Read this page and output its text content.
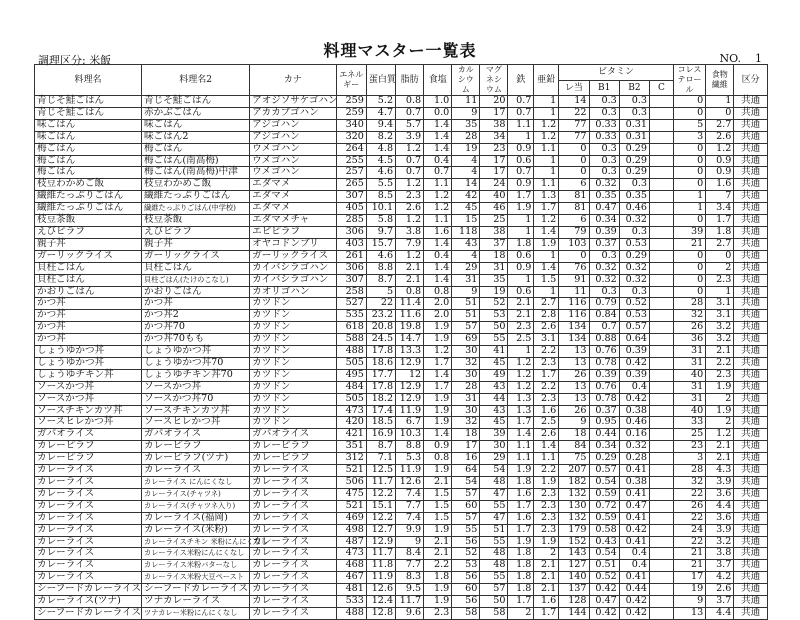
料理マスター一覧表
調理区分: 米飯	NO. 1
料理名	料理名2	カナ	エネルギー	蛋白質	脂肪	食塩	カルシウム	マグネシウム	鉄	亜鉛	ビタミン				コレステロール	食物繊維	区分
											レ当	B1	B2	C			
青じそ鮭ごはん	青じそ鮭ごはん	アオジソサケゴハン	259	5.2	0.8	1.0	11	20	0.7	1	14	0.3	0.3		0	1	共通
青じそ鮭ごはん	赤かぶごはん	アカカブゴハン	259	4.7	0.7	0.0	9	17	0.7	1	22	0.3	0.3		0	0	共通
味ごはん	味ごはん	アジゴハン	340	9.4	5.7	1.4	35	38	1.1	1.2	77	0.33	0.31		5	2.7	共通
味ごはん	味ごはん2	アジゴハン	320	8.2	3.9	1.4	28	34	1	1.2	77	0.33	0.31		3	2.6	共通
梅ごはん	梅ごはん	ウメゴハン	264	4.8	1.2	1.4	19	23	0.9	1.1	0	0.3	0.29		0	1.2	共通
梅ごはん	梅ごはん(南高梅)	ウメゴハン	255	4.5	0.7	0.4	4	17	0.6	1	0	0.3	0.29		0	0.9	共通
梅ごはん	梅ごはん(南高梅)中津	ウメゴハン	257	4.6	0.7	0.7	4	17	0.7	1	0	0.3	0.29		0	0.9	共通
枝豆わかめご飯	枝豆わかめご飯	エダマメ	265	5.5	1.2	1.1	14	24	0.9	1.1	6	0.32	0.3		0	1.6	共通
繊維たっぷりごはん	繊維たっぷりごはん	エダマメ	307	8.5	2.3	1.2	42	40	1.7	1.3	81	0.35	0.35		1	7	共通
繊維たっぷりごはん	繊維たっぷりごはん(中学校)	エダマメ	405	10.1	2.6	1.2	45	46	1.9	1.7	81	0.47	0.46		1	3.4	共通
枝豆茶飯	枝豆茶飯	エダマメチャ	285	5.8	1.2	1.1	15	25	1	1.2	6	0.34	0.32		0	1.7	共通
えびピラフ	えびピラフ	エビピラフ	306	9.7	3.8	1.6	118	38	1	1.4	79	0.39	0.3		39	1.8	共通
親子丼	親子丼	オヤコドンブリ	403	15.7	7.9	1.4	43	37	1.8	1.9	103	0.37	0.53		21	2.7	共通
ガーリックライス	ガーリックライス	ガーリックライス	261	4.6	1.2	0.4	4	18	0.6	1	0	0.3	0.29		0	0	共通
貝柱ごはん	貝柱ごはん	カイバシラゴハン	306	8.8	2.1	1.4	29	31	0.9	1.4	76	0.32	0.32		0	2	共通
貝柱ごはん	貝柱ごはん(たけのこなし)	カイバシラゴハン	307	8.7	2.1	1.4	31	35	1	1.5	91	0.32	0.32		0	2.3	共通
かおりごはん	かおりごはん	カオリゴハン	258	5	0.8	0.8	9	19	0.6	1	11	0.3	0.3		0	1	共通
かつ丼	かつ丼	カツドン	527	22	11.4	2.0	51	52	2.1	2.7	116	0.79	0.52		28	3.1	共通
かつ丼	かつ丼2	カツドン	535	23.2	11.6	2.0	51	53	2.1	2.8	116	0.84	0.53		32	3.1	共通
かつ丼	かつ丼70	カツドン	618	20.8	19.8	1.9	57	50	2.3	2.6	134	0.7	0.57		26	3.2	共通
かつ丼	かつ丼70もも	カツドン	588	24.5	14.7	1.9	69	55	2.5	3.1	134	0.88	0.64		36	3.2	共通
しょうゆかつ丼	しょうゆかつ丼	カツドン	488	17.8	13.3	1.2	30	41	1	2.2	13	0.76	0.39		31	2.1	共通
しょうゆかつ丼	しょうゆかつ丼70	カツドン	505	18.6	12.9	1.7	32	45	1.2	2.3	13	0.78	0.42		31	2.2	共通
しょうゆチキン丼	しょうゆチキン丼70	カツドン	495	17.7	12	1.4	30	49	1.2	1.7	26	0.39	0.39		40	2.3	共通
ソースかつ丼	ソースかつ丼	カツドン	484	17.8	12.9	1.7	28	43	1.2	2.2	13	0.76	0.4		31	1.9	共通
ソースかつ丼	ソースかつ丼70	カツドン	505	18.2	12.9	1.9	31	44	1.3	2.3	13	0.78	0.42		31	2	共通
ソースチキンカツ丼	ソースチキンカツ丼	カツドン	473	17.4	11.9	1.9	30	43	1.3	1.6	26	0.37	0.38		40	1.9	共通
ソースヒレかつ丼	ソースヒレかつ丼	カツドン	420	18.5	6.7	1.9	32	45	1.7	2.5	9	0.95	0.46		33	2	共通
ガパオライス	ガパオライス	ガパオライス	421	16.9	10.3	1.4	18	39	1.4	2.6	18	0.44	0.16		25	1.2	共通
カレーピラフ	カレーピラフ	カレーピラフ	351	8.7	8.8	0.9	17	30	1.1	1.4	84	0.34	0.32		23	2.1	共通
カレーピラフ	カレーピラフ(ツナ)	カレーピラフ	312	7.1	5.3	0.8	16	29	1.1	1.1	75	0.29	0.28		3	2.1	共通
カレーライス	カレーライス	カレーライス	521	12.5	11.9	1.9	64	54	1.9	2.2	207	0.57	0.41		28	4.3	共通
カレーライス	カレーライス にんにくなし	カレーライス	506	11.7	12.6	2.1	54	48	1.8	1.9	182	0.54	0.38		32	3.9	共通
カレーライス	カレーライス(チャツネ)	カレーライス	475	12.2	7.4	1.5	57	47	1.6	2.3	132	0.59	0.41		22	3.6	共通
カレーライス	カレーライス(チャツネ入り)	カレーライス	521	15.1	7.7	1.5	60	55	1.7	2.3	130	0.72	0.47		26	4.4	共通
カレーライス	カレーライス(福岡)	カレーライス	469	12.2	7.4	1.5	57	47	1.6	2.3	132	0.59	0.41		22	3.6	共通
カレーライス	カレーライス(米粉)	カレーライス	498	12.7	9.9	1.9	55	51	1.7	2.3	179	0.58	0.42		24	3.9	共通
カレーライス	カレーライスチキン 米粉にんにくなし	カレーライス	487	12.9	9	2.1	56	55	1.9	1.9	152	0.43	0.41		22	3.2	共通
カレーライス	カレーライス米粉にんにくなし	カレーライス	473	11.7	8.4	2.1	52	48	1.8	2	143	0.54	0.4		21	3.8	共通
カレーライス	カレーライス米粉バターなし	カレーライス	468	11.8	7.7	2.2	53	48	1.8	2.1	127	0.51	0.4		21	3.7	共通
カレーライス	カレーライス米粉大豆ペースト	カレーライス	467	11.9	8.3	1.8	56	55	1.8	2.1	140	0.52	0.41		17	4.2	共通
シーフードカレーライス	シーフードカレーライス	カレーライス	481	12.6	9.5	1.9	60	57	1.8	2.1	137	0.42	0.44		19	2.6	共通
カレーライス(ツナ)	ツナカレーライス	カレーライス	533	12.4	11.7	1.9	56	50	1.7	1.6	128	0.47	0.42		9	3.7	共通
シーフードカレーライス	ツナカレー米粉にんにくなし	カレーライス	488	12.8	9.6	2.3	58	58	2	1.7	144	0.42	0.42		13	4.4	共通
